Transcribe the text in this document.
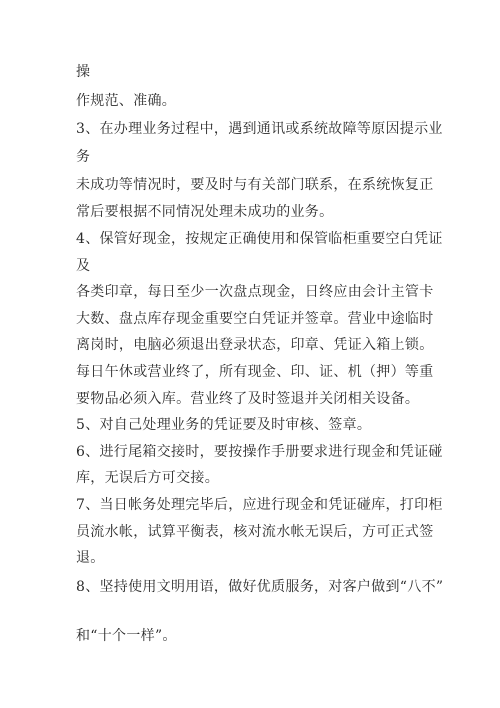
操
作规范、准确。
3、在办理业务过程中，遇到通讯或系统故障等原因提示业
务
未成功等情况时，要及时与有关部门联系，在系统恢复正
常后要根据不同情况处理未成功的业务。
4、保管好现金，按规定正确使用和保管临柜重要空白凭证
及
各类印章，每日至少一次盘点现金，日终应由会计主管卡
大数、盘点库存现金重要空白凭证并签章。营业中途临时
离岗时，电脑必须退出登录状态，印章、凭证入箱上锁。
每日午休或营业终了，所有现金、印、证、机（押）等重
要物品必须入库。营业终了及时签退并关闭相关设备。
5、对自己处理业务的凭证要及时审核、签章。
6、进行尾箱交接时，要按操作手册要求进行现金和凭证碰
库，无误后方可交接。
7、当日帐务处理完毕后，应进行现金和凭证碰库，打印柜
员流水帐，试算平衡表，核对流水帐无误后，方可正式签
退。
8、坚持使用文明用语，做好优质服务，对客户做到“八不”
和“十个一样”。
